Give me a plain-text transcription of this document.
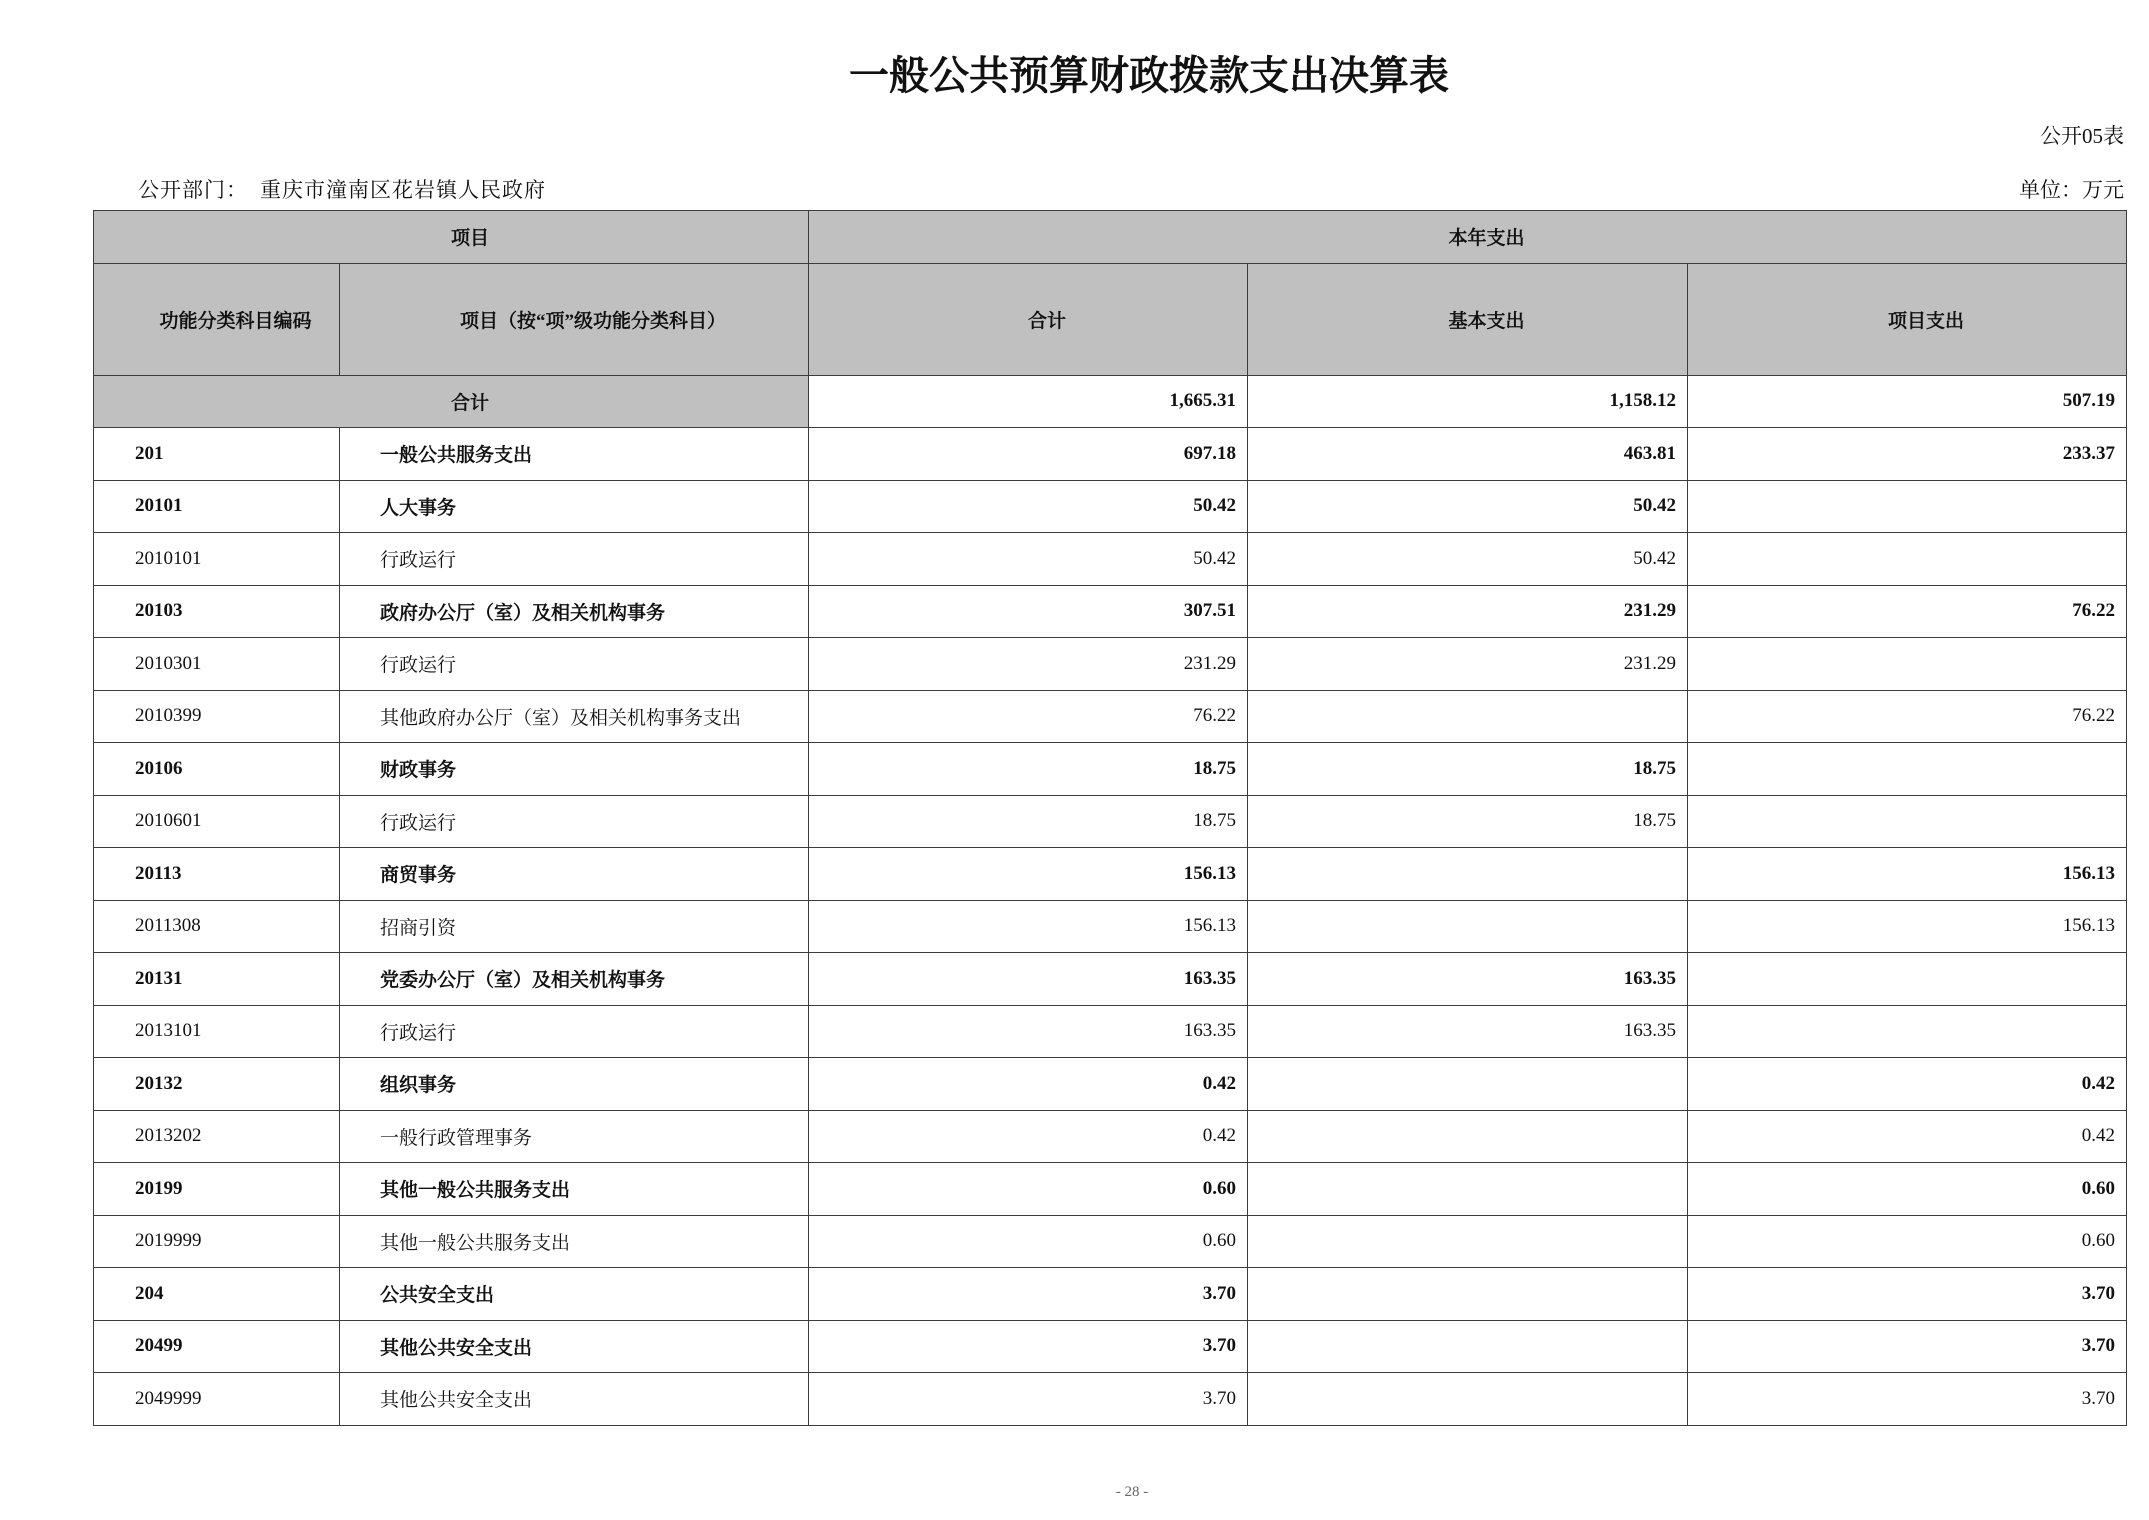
一般公共预算财政拨款支出决算表
公开05表
公开部门： 重庆市潼南区花岩镇人民政府	单位：万元
项目		本年支出		
功能分类科目编码	项目（按“项”级功能分类科目）	合计	基本支出	项目支出
合计		1,665.31	1,158.12	507.19
201	一般公共服务支出	697.18	463.81	233.37
20101	人大事务	50.42	50.42	
2010101	行政运行	50.42	50.42	
20103	政府办公厅（室）及相关机构事务	307.51	231.29	76.22
2010301	行政运行	231.29	231.29	
2010399	其他政府办公厅（室）及相关机构事务支出	76.22		76.22
20106	财政事务	18.75	18.75	
2010601	行政运行	18.75	18.75	
20113	商贸事务	156.13		156.13
2011308	招商引资	156.13		156.13
20131	党委办公厅（室）及相关机构事务	163.35	163.35	
2013101	行政运行	163.35	163.35	
20132	组织事务	0.42		0.42
2013202	一般行政管理事务	0.42		0.42
20199	其他一般公共服务支出	0.60		0.60
2019999	其他一般公共服务支出	0.60		0.60
204	公共安全支出	3.70		3.70
20499	其他公共安全支出	3.70		3.70
2049999	其他公共安全支出	3.70		3.70
- 28 -
